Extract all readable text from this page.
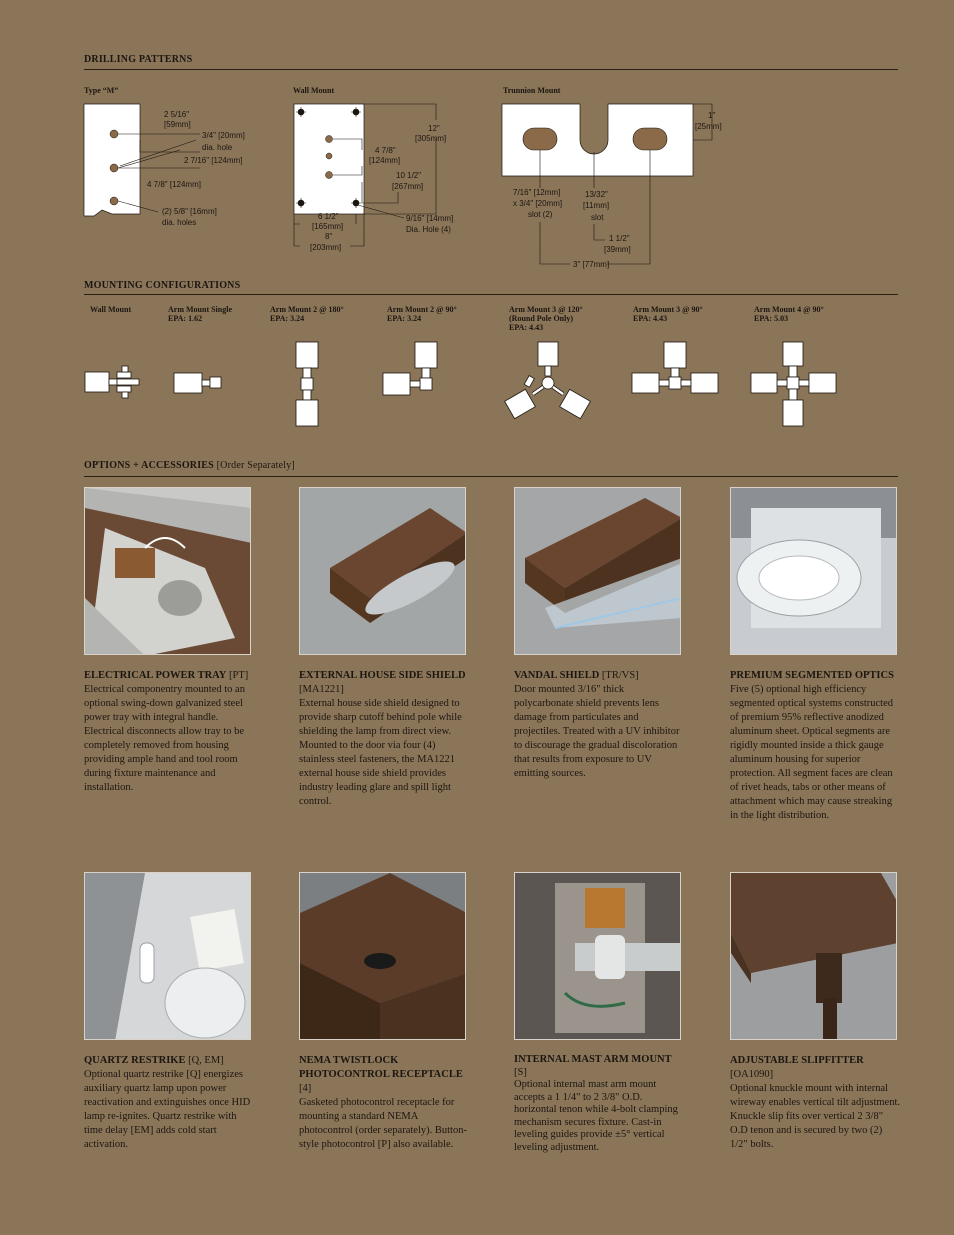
DRILLING PATTERNS
Type “M”	Wall Mount	Trunnion Mount
2 5/16"
[59mm]
3/4" [20mm]
dia. hole
2 7/16" [124mm]
4 7/8" [124mm]
(2) 5/8" [16mm]
dia. holes
12"
[305mm]
4 7/8"
[124mm]
10 1/2"
[267mm]
6 1/2"
[165mm]
8"
[203mm]
9/16" [14mm]
Dia. Hole (4)
1"
[25mm]
7/16" [12mm]
x 3/4" [20mm]
slot (2)
13/32"
[11mm]
slot
1 1/2"
[39mm]
3" [77mm]
MOUNTING CONFIGURATIONS
Wall Mount	Arm Mount Single
EPA: 1.62
Arm Mount 2 @ 180°
EPA: 3.24
Arm Mount 2 @ 90°
EPA: 3.24
Arm Mount 3 @ 120°
(Round Pole Only)
EPA: 4.43
Arm Mount 3 @ 90°
EPA: 4.43
Arm Mount 4 @ 90°
EPA: 5.03
OPTIONS + ACCESSORIES [Order Separately]
ELECTRICAL POWER TRAY [PT]
Electrical componentry mounted to an optional swing-down galvanized steel power tray with integral handle. Electrical disconnects allow tray to be completely removed from housing providing ample hand and tool room during fixture maintenance and installation.
EXTERNAL HOUSE SIDE SHIELD [MA1221]
External house side shield designed to provide sharp cutoff behind pole while shielding the lamp from direct view. Mounted to the door via four (4) stainless steel fasteners, the MA1221 external house side shield provides industry leading glare and spill light control.
VANDAL SHIELD [TR/VS]
Door mounted 3/16" thick polycarbonate shield prevents lens damage from particulates and projectiles. Treated with a UV inhibitor to discourage the gradual discoloration that results from exposure to UV emitting sources.
PREMIUM SEGMENTED OPTICS
Five (5) optional high efficiency segmented optical systems constructed of premium 95% reflective anodized aluminum sheet. Optical segments are rigidly mounted inside a thick gauge aluminum housing for superior protection. All segment faces are clean of rivet heads, tabs or other means of attachment which may cause streaking in the light distribution.
QUARTZ RESTRIKE [Q, EM]
Optional quartz restrike [Q] energizes auxiliary quartz lamp upon power reactivation and extinguishes once HID lamp re-ignites. Quartz restrike with time delay [EM] adds cold start activation.
NEMA TWISTLOCK PHOTOCONTROL RECEPTACLE [4]
Gasketed photocontrol receptacle for mounting a standard NEMA photocontrol (order separately). Button-style photocontrol [P] also available.
INTERNAL MAST ARM MOUNT [S]
Optional internal mast arm mount accepts a 1 1/4" to 2 3/8" O.D. horizontal tenon while 4-bolt clamping mechanism secures fixture. Cast-in leveling guides provide ±5° vertical leveling adjustment.
ADJUSTABLE SLIPFITTER [OA1090]
Optional knuckle mount with internal wireway enables vertical tilt adjustment. Knuckle slip fits over vertical 2 3/8" O.D tenon and is secured by two (2) 1/2" bolts.
